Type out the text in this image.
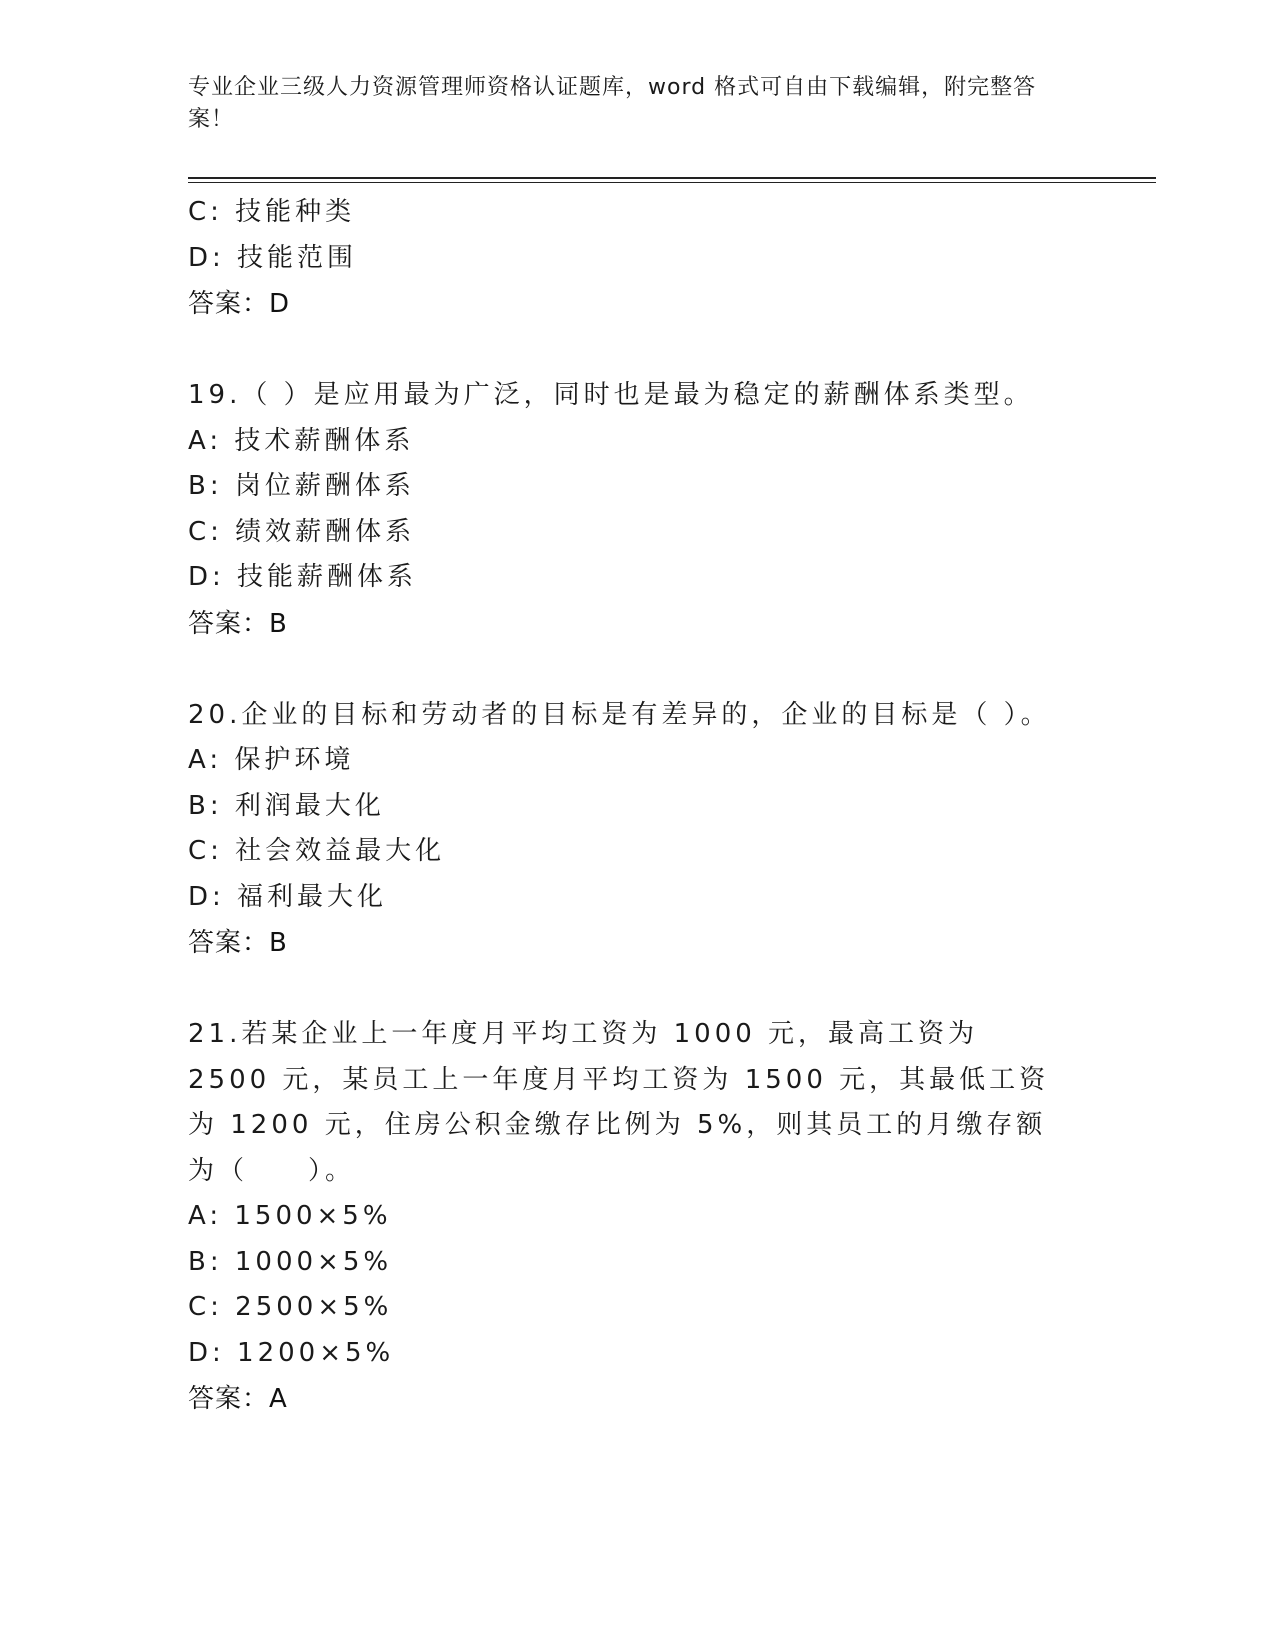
专业企业三级人力资源管理师资格认证题库，word 格式可自由下载编辑，附完整答案！
C: 技能种类
D: 技能范围
答案：D
19.（ ）是应用最为广泛，同时也是最为稳定的薪酬体系类型。
A: 技术薪酬体系
B: 岗位薪酬体系
C: 绩效薪酬体系
D: 技能薪酬体系
答案：B
20.企业的目标和劳动者的目标是有差异的，企业的目标是（ ）。
A: 保护环境
B: 利润最大化
C: 社会效益最大化
D: 福利最大化
答案：B
21.若某企业上一年度月平均工资为 1000 元，最高工资为 2500 元，某员工上一年度月平均工资为 1500 元，其最低工资为 1200 元，住房公积金缴存比例为 5%，则其员工的月缴存额为（　　）。
A: 1500×5%
B: 1000×5%
C: 2500×5%
D: 1200×5%
答案：A
